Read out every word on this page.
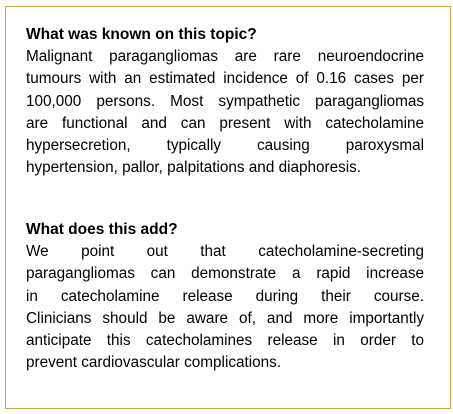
What was known on this topic?

Malignant paragangliomas are rare neuroendocrine
tumours with an estimated incidence of 0.16 cases per
100,000 persons. Most sympathetic paragangliomas
are functional and can present with catecholamine
hypersecretion, typically causing paroxysmal
hypertension, pallor, palpitations and diaphoresis.

What does this add?

We point out that catecholamine-secreting
paragangliomas can demonstrate a rapid increase
in catecholamine release during their course.
Clinicians should be aware of, and more importantly
anticipate this catecholamines release in order to
prevent cardiovascular complications.
